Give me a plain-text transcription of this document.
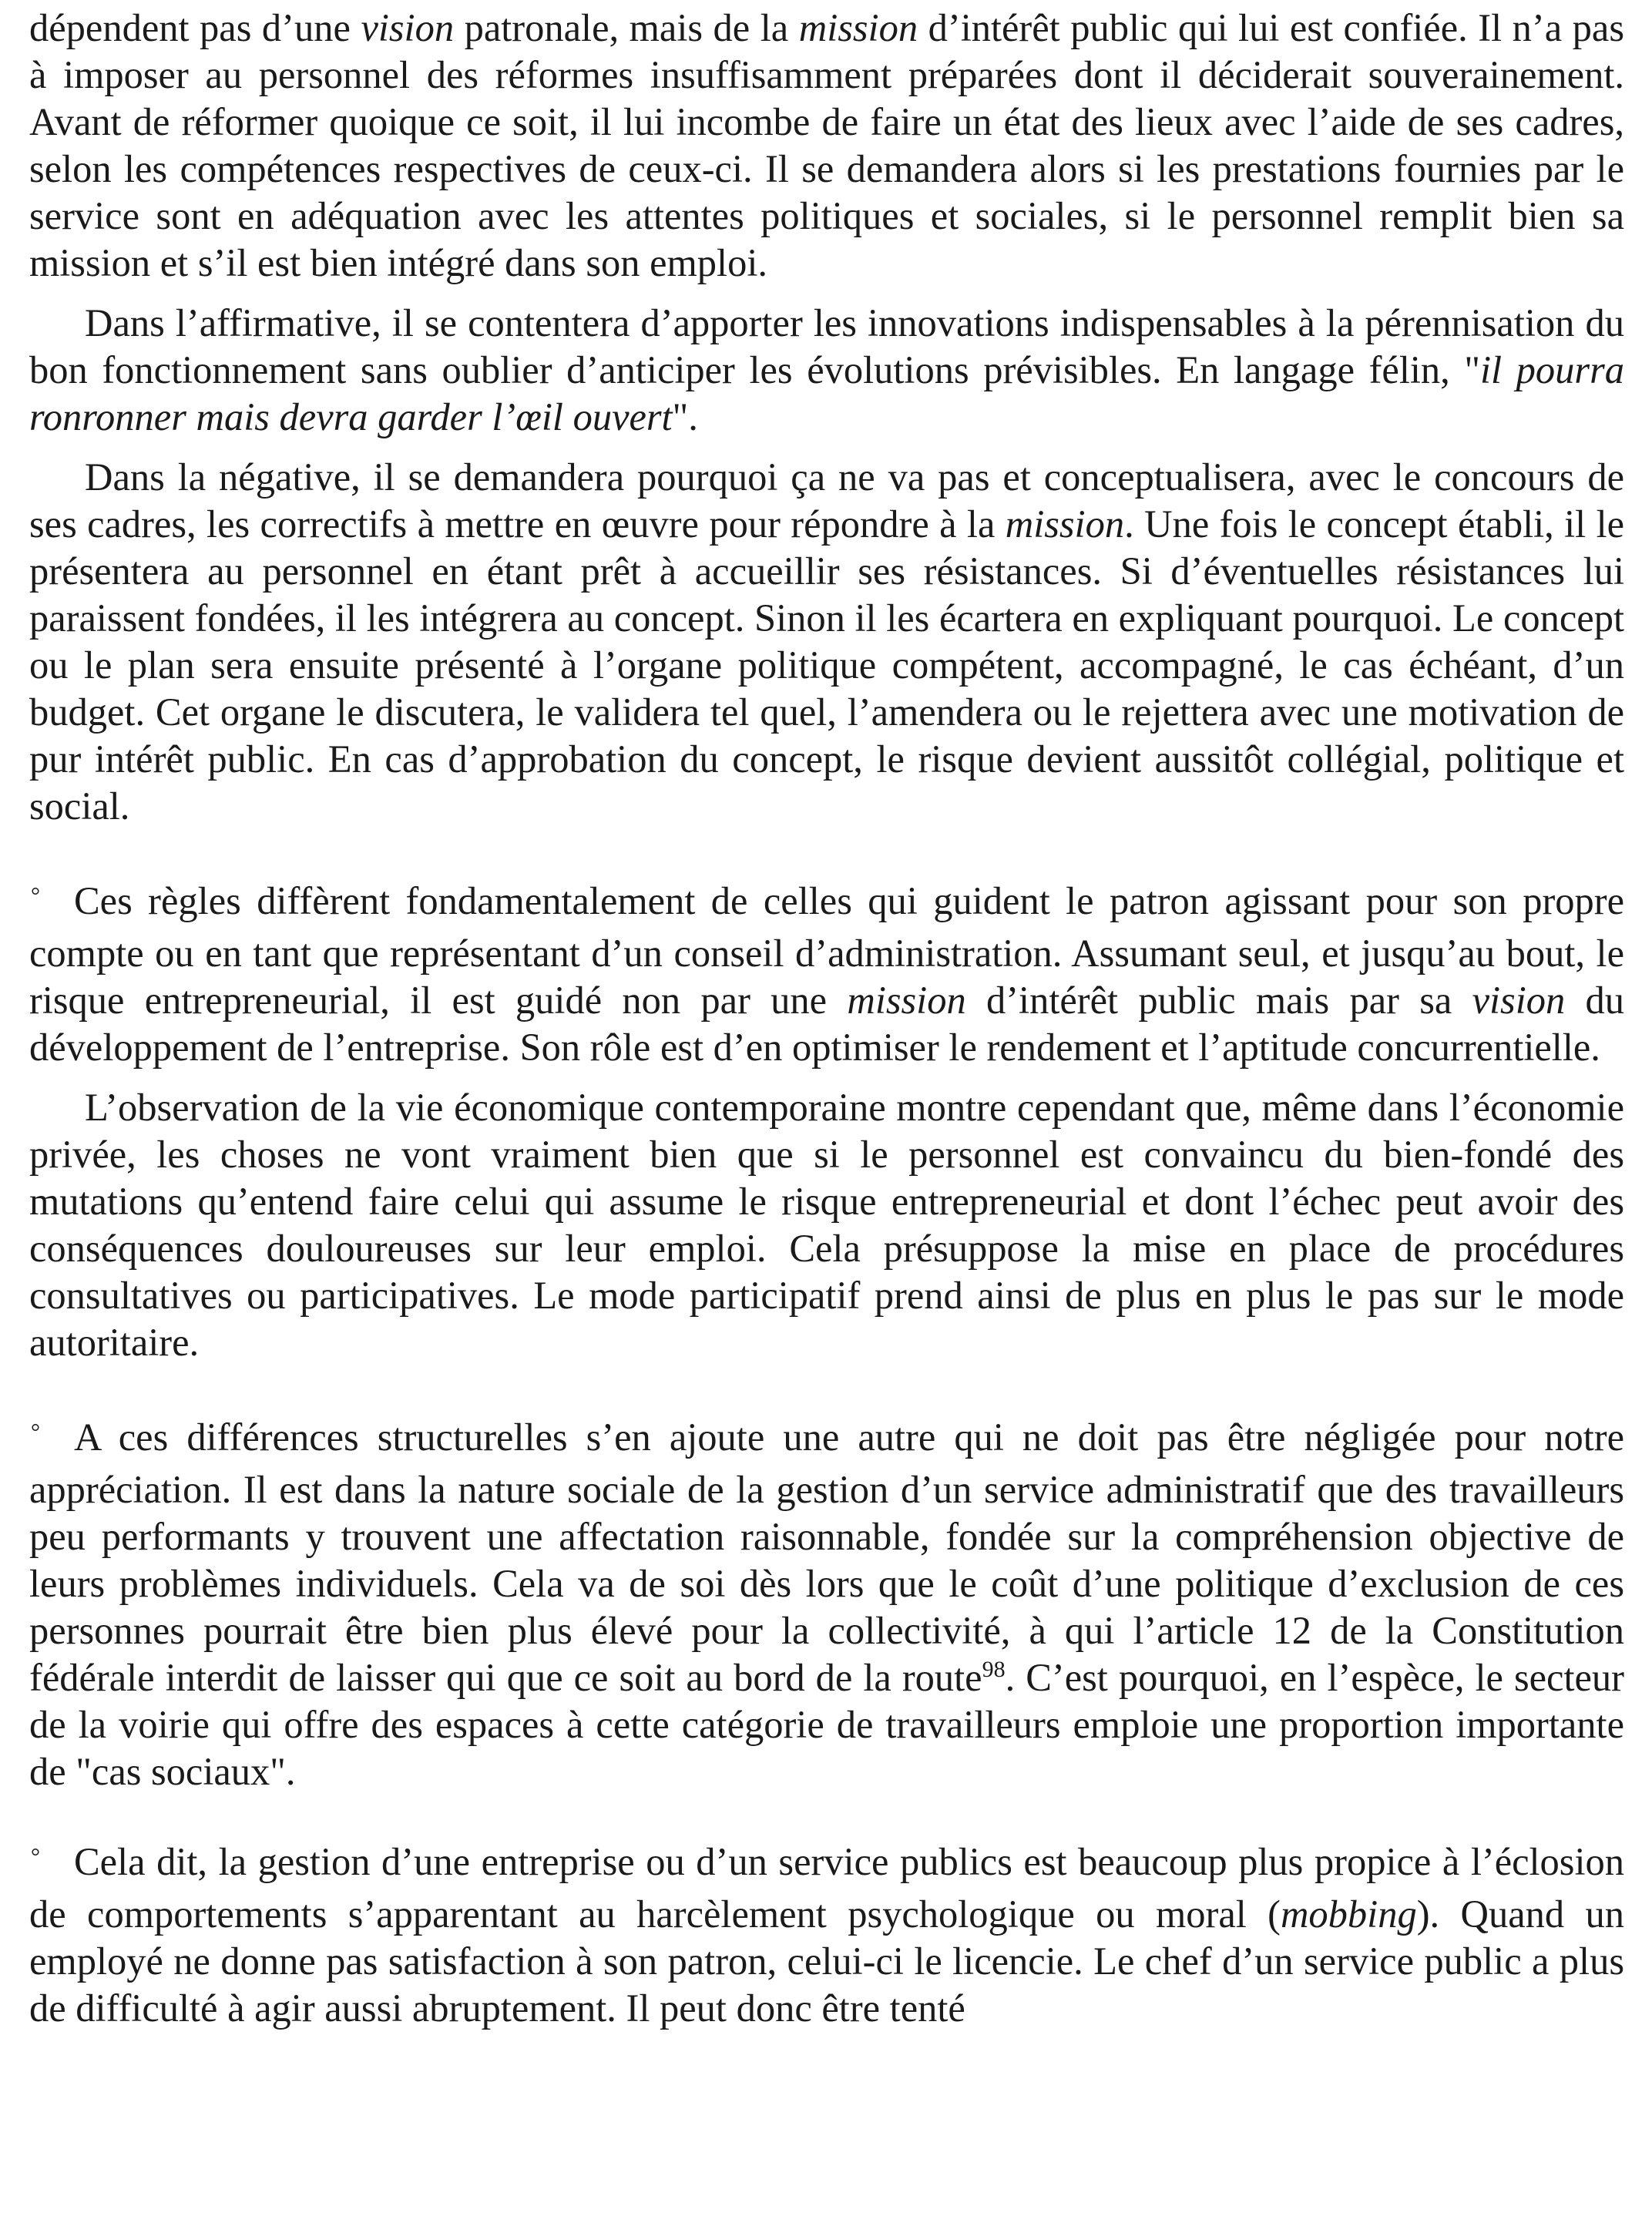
dépendent pas d’une vision patronale, mais de la mission d’intérêt public qui lui est confiée. Il n’a pas à imposer au personnel des réformes insuffisamment préparées dont il déciderait souverainement. Avant de réformer quoique ce soit, il lui incombe de faire un état des lieux avec l’aide de ses cadres, selon les compétences respectives de ceux-ci. Il se demandera alors si les prestations fournies par le service sont en adéquation avec les attentes politiques et sociales, si le personnel remplit bien sa mission et s’il est bien intégré dans son emploi.

Dans l’affirmative, il se contentera d’apporter les innovations indispensables à la pérennisation du bon fonctionnement sans oublier d’anticiper les évolutions prévisibles. En langage félin, "il pourra ronronner mais devra garder l’œil ouvert".

Dans la négative, il se demandera pourquoi ça ne va pas et conceptualisera, avec le concours de ses cadres, les correctifs à mettre en œuvre pour répondre à la mission. Une fois le concept établi, il le présentera au personnel en étant prêt à accueillir ses résistances. Si d’éventuelles résistances lui paraissent fondées, il les intégrera au concept. Sinon il les écartera en expliquant pourquoi. Le concept ou le plan sera ensuite présenté à l’organe politique compétent, accompagné, le cas échéant, d’un budget. Cet organe le discutera, le validera tel quel, l’amendera ou le rejettera avec une motivation de pur intérêt public. En cas d’approbation du concept, le risque devient aussitôt collégial, politique et social.

° Ces règles diffèrent fondamentalement de celles qui guident le patron agissant pour son propre compte ou en tant que représentant d’un conseil d’administration. Assumant seul, et jusqu’au bout, le risque entrepreneurial, il est guidé non par une mission d’intérêt public mais par sa vision du développement de l’entreprise. Son rôle est d’en optimiser le rendement et l’aptitude concurrentielle.

L’observation de la vie économique contemporaine montre cependant que, même dans l’économie privée, les choses ne vont vraiment bien que si le personnel est convaincu du bien-fondé des mutations qu’entend faire celui qui assume le risque entrepreneurial et dont l’échec peut avoir des conséquences douloureuses sur leur emploi. Cela présuppose la mise en place de procédures consultatives ou participatives. Le mode participatif prend ainsi de plus en plus le pas sur le mode autoritaire.

° A ces différences structurelles s’en ajoute une autre qui ne doit pas être négligée pour notre appréciation. Il est dans la nature sociale de la gestion d’un service administratif que des travailleurs peu performants y trouvent une affectation raisonnable, fondée sur la compréhension objective de leurs problèmes individuels. Cela va de soi dès lors que le coût d’une politique d’exclusion de ces personnes pourrait être bien plus élevé pour la collectivité, à qui l’article 12 de la Constitution fédérale interdit de laisser qui que ce soit au bord de la route$^{98}$. C’est pourquoi, en l’espèce, le secteur de la voirie qui offre des espaces à cette catégorie de travailleurs emploie une proportion importante de "cas sociaux".

° Cela dit, la gestion d’une entreprise ou d’un service publics est beaucoup plus propice à l’éclosion de comportements s’apparentant au harcèlement psychologique ou moral (mobbing). Quand un employé ne donne pas satisfaction à son patron, celui-ci le licencie. Le chef d’un service public a plus de difficulté à agir aussi abruptement. Il peut donc être tenté
